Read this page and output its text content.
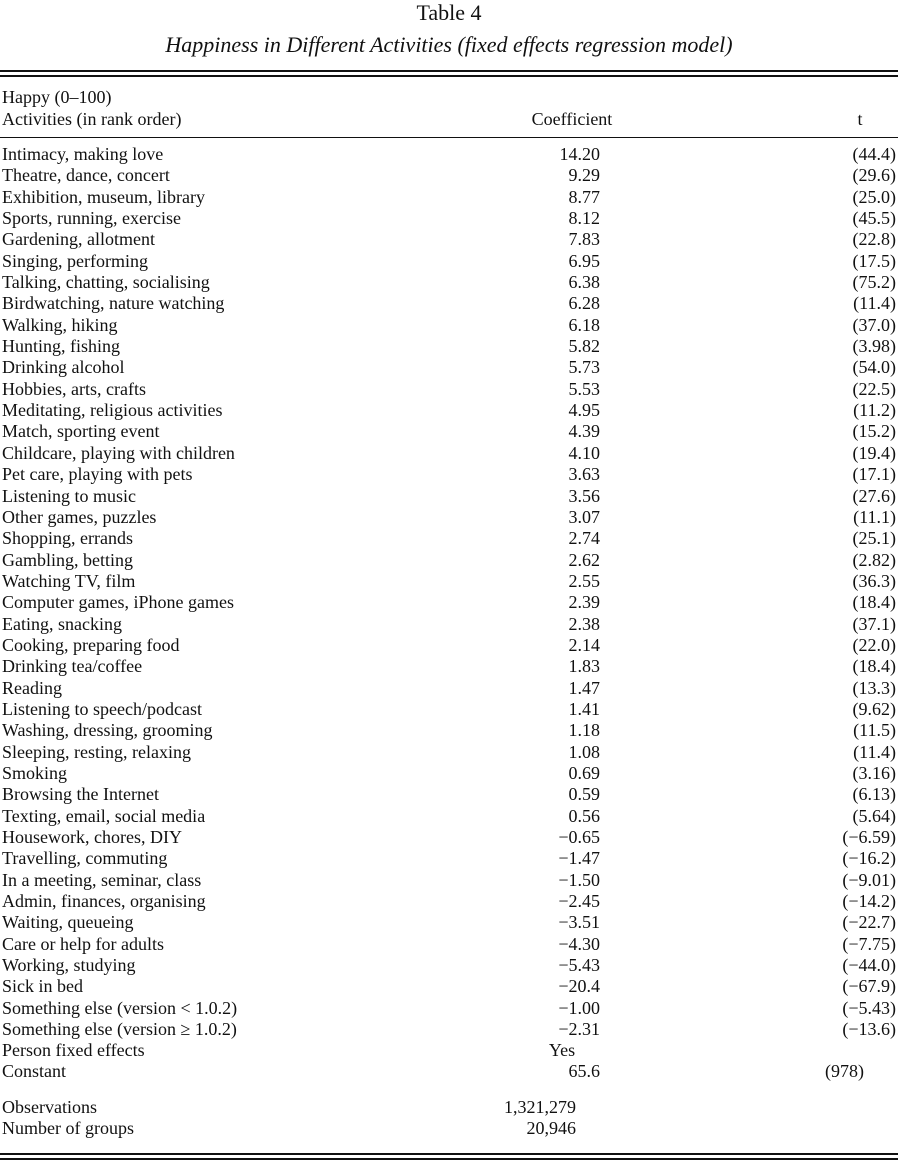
Table 4
Happiness in Different Activities (fixed effects regression model)
Happy (0–100)
Activities (in rank order)	Coefficient	t
Intimacy, making love	14.20	(44.4)
Theatre, dance, concert	9.29	(29.6)
Exhibition, museum, library	8.77	(25.0)
Sports, running, exercise	8.12	(45.5)
Gardening, allotment	7.83	(22.8)
Singing, performing	6.95	(17.5)
Talking, chatting, socialising	6.38	(75.2)
Birdwatching, nature watching	6.28	(11.4)
Walking, hiking	6.18	(37.0)
Hunting, fishing	5.82	(3.98)
Drinking alcohol	5.73	(54.0)
Hobbies, arts, crafts	5.53	(22.5)
Meditating, religious activities	4.95	(11.2)
Match, sporting event	4.39	(15.2)
Childcare, playing with children	4.10	(19.4)
Pet care, playing with pets	3.63	(17.1)
Listening to music	3.56	(27.6)
Other games, puzzles	3.07	(11.1)
Shopping, errands	2.74	(25.1)
Gambling, betting	2.62	(2.82)
Watching TV, film	2.55	(36.3)
Computer games, iPhone games	2.39	(18.4)
Eating, snacking	2.38	(37.1)
Cooking, preparing food	2.14	(22.0)
Drinking tea/coffee	1.83	(18.4)
Reading	1.47	(13.3)
Listening to speech/podcast	1.41	(9.62)
Washing, dressing, grooming	1.18	(11.5)
Sleeping, resting, relaxing	1.08	(11.4)
Smoking	0.69	(3.16)
Browsing the Internet	0.59	(6.13)
Texting, email, social media	0.56	(5.64)
Housework, chores, DIY	−0.65	(−6.59)
Travelling, commuting	−1.47	(−16.2)
In a meeting, seminar, class	−1.50	(−9.01)
Admin, finances, organising	−2.45	(−14.2)
Waiting, queueing	−3.51	(−22.7)
Care or help for adults	−4.30	(−7.75)
Working, studying	−5.43	(−44.0)
Sick in bed	−20.4	(−67.9)
Something else (version < 1.0.2)	−1.00	(−5.43)
Something else (version ≥ 1.0.2)	−2.31	(−13.6)
Person fixed effects	Yes
Constant	65.6	(978)
Observations	1,321,279
Number of groups	20,946
